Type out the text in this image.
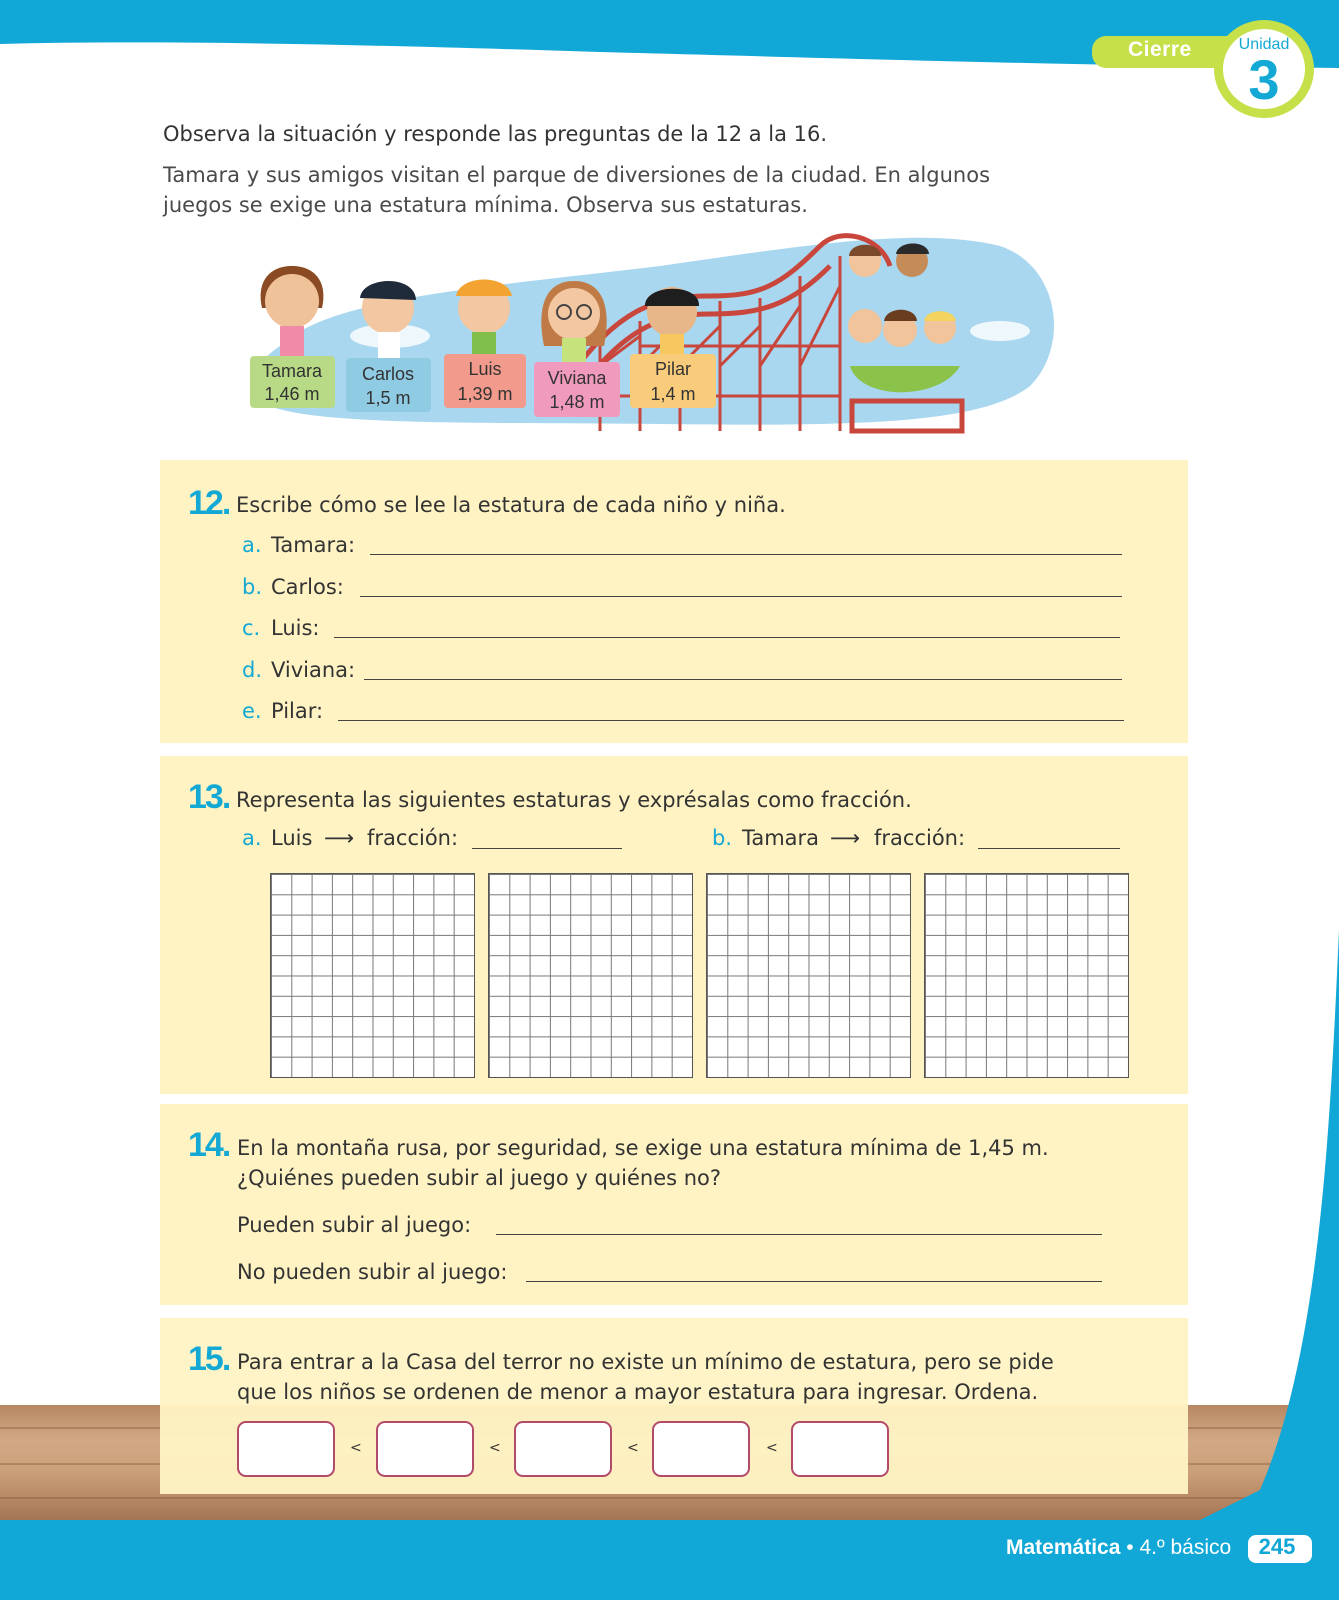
Cierre	Unidad
3
Observa la situación y responde las preguntas de la 12 a la 16.
Tamara y sus amigos visitan el parque de diversiones de la ciudad. En algunos juegos se exige una estatura mínima. Observa sus estaturas.
Tamara
1,46 m
Carlos
1,5 m
Luis
1,39 m
Viviana
1,48 m
Pilar
1,4 m
12. Escribe cómo se lee la estatura de cada niño y niña.
a. Tamara:
b. Carlos:
c. Luis:
d. Viviana:
e. Pilar:
13. Representa las siguientes estaturas y exprésalas como fracción.
a. Luis ⟶ fracción:	b. Tamara ⟶ fracción:
14. En la montaña rusa, por seguridad, se exige una estatura mínima de 1,45 m.
¿Quiénes pueden subir al juego y quiénes no?
Pueden subir al juego:
No pueden subir al juego:
15. Para entrar a la Casa del terror no existe un mínimo de estatura, pero se pide
que los niños se ordenen de menor a mayor estatura para ingresar. Ordena.
<	<	<	<
Matemática • 4.º básico	245
